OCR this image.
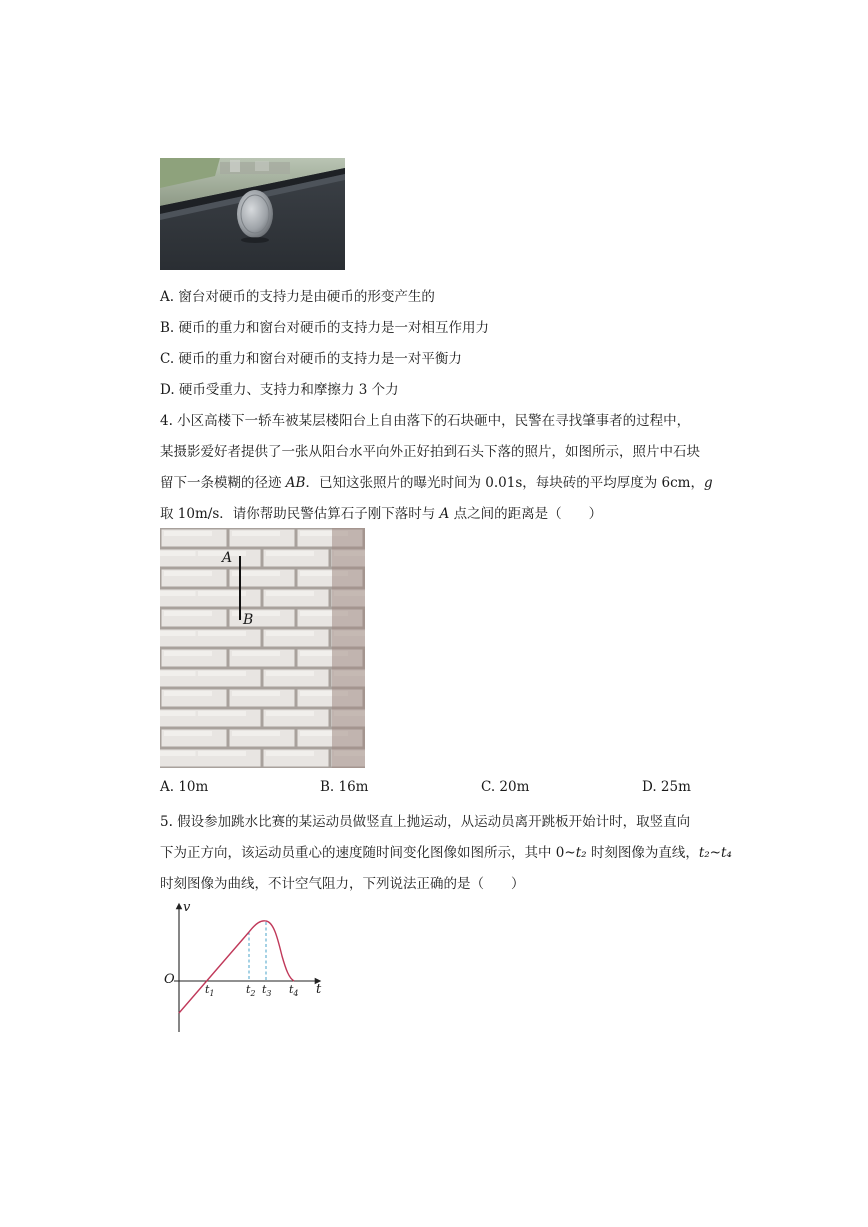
A. 窗台对硬币的支持力是由硬币的形变产生的
B. 硬币的重力和窗台对硬币的支持力是一对相互作用力
C. 硬币的重力和窗台对硬币的支持力是一对平衡力
D. 硬币受重力、支持力和摩擦力 3 个力
4. 小区高楼下一轿车被某层楼阳台上自由落下的石块砸中，民警在寻找肇事者的过程中，
某摄影爱好者提供了一张从阳台水平向外正好拍到石头下落的照片，如图所示，照片中石块
留下一条模糊的径迹 AB．已知这张照片的曝光时间为 0.01s，每块砖的平均厚度为 6cm，g
取 10m/s．请你帮助民警估算石子刚下落时与 A 点之间的距离是（　　）
A
B
A. 10m	B. 16m	C. 20m	D. 25m
5. 假设参加跳水比赛的某运动员做竖直上抛运动，从运动员离开跳板开始计时，取竖直向
下为正方向，该运动员重心的速度随时间变化图像如图所示，其中 0~t₂ 时刻图像为直线，t₂~t₄
时刻图像为曲线，不计空气阻力，下列说法正确的是（　　）
v
O
t
$t_1$	$t_2$ $t_3$ $t_4$
